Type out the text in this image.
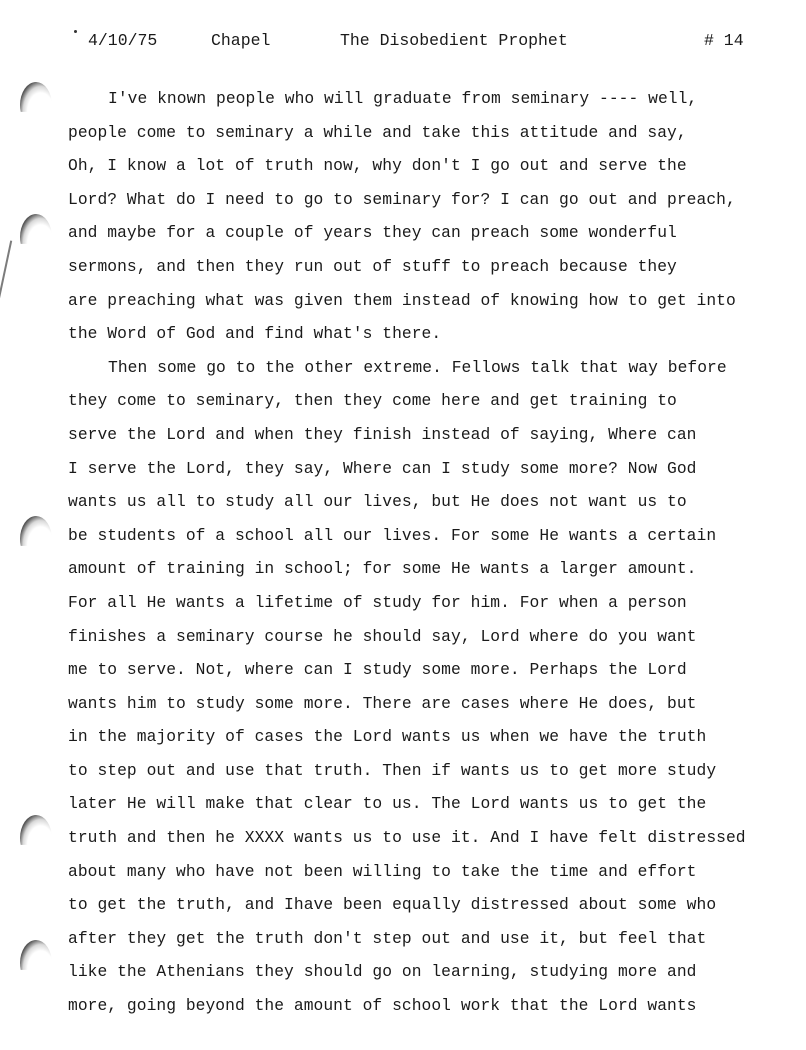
4/10/75	Chapel	The Disobedient Prophet	# 14
I've known people who will graduate from seminary ---- well,
people come to seminary a while and take this attitude and say,
Oh, I know a lot of truth now, why don't I go out and serve the
Lord? What do I need to go to seminary for? I can go out and preach,
and maybe for a couple of years they can preach some wonderful
sermons, and then they run out of stuff to preach because they
are preaching what was given them instead of knowing how to get into
the Word of God and find what's there.
Then some go to the other extreme. Fellows talk that way before
they come to seminary, then they come here and get training to
serve the Lord and when they finish instead of saying, Where can
I serve the Lord, they say, Where can I study some more? Now God
wants us all to study all our lives, but He does not want us to
be students of a school all our lives. For some He wants a certain
amount of training in school; for some He wants a larger amount.
For all He wants a lifetime of study for him. For when a person
finishes a seminary course he should say, Lord where do you want
me to serve. Not, where can I study some more. Perhaps the Lord
wants him to study some more. There are cases where He does, but
in the majority of cases the Lord wants us when we have the truth
to step out and use that truth. Then if wants us to get more study
later He will make that clear to us. The Lord wants us to get the
truth and then he XXXX wants us to use it. And I have felt distressed
about many who have not been willing to take the time and effort
to get the truth, and Ihave been equally distressed about some who
after they get the truth don't step out and use it, but feel that
like the Athenians they should go on learning, studying more and
more, going beyond the amount of school work that the Lord wants
